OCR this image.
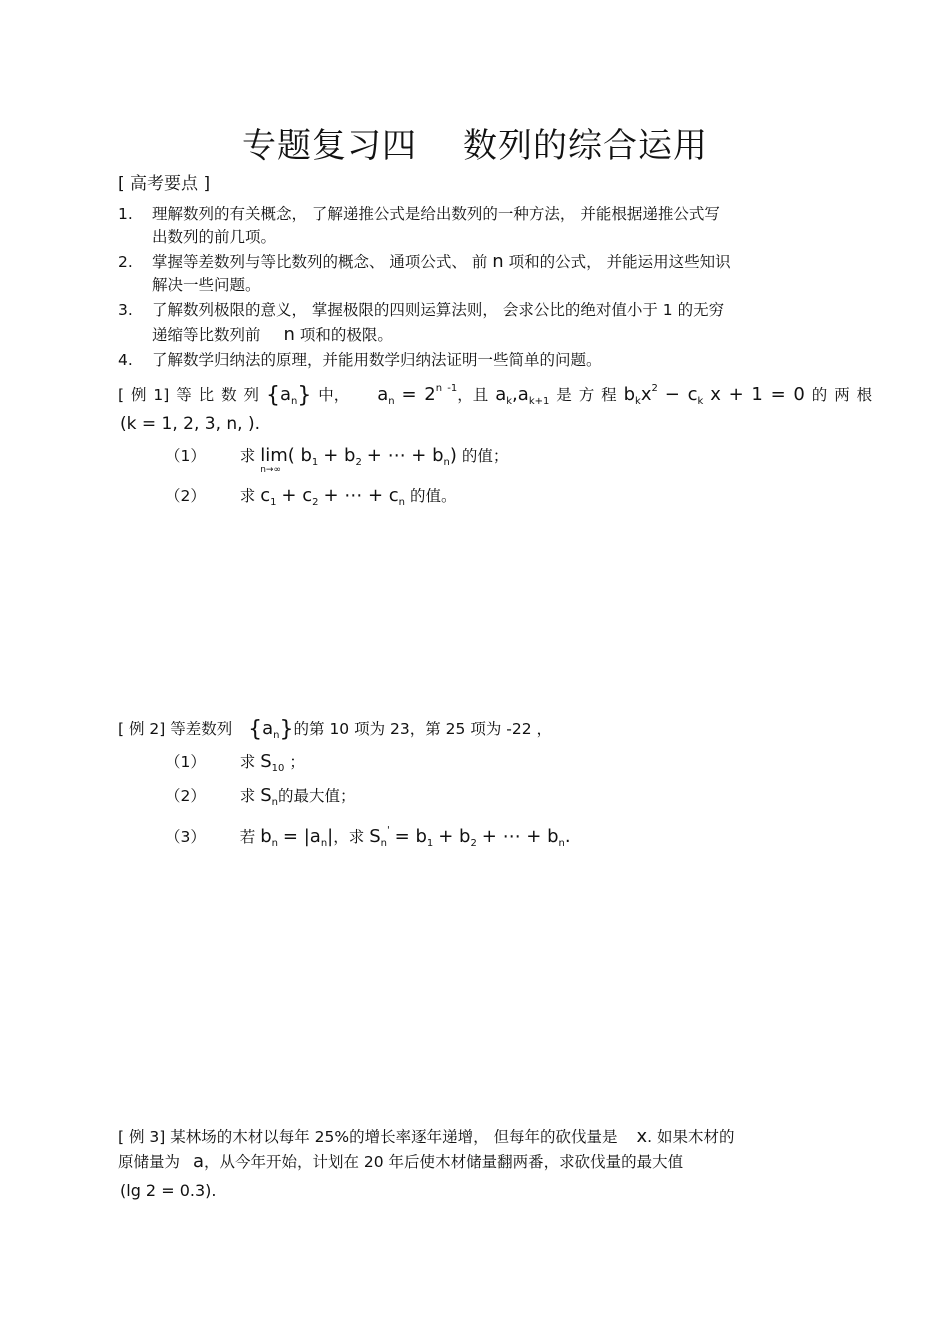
专题复习四 数列的综合运用
[ 高考要点 ]
1. 理解数列的有关概念， 了解递推公式是给出数列的一种方法， 并能根据递推公式写
出数列的前几项。
2. 掌握等差数列与等比数列的概念、 通项公式、 前 n 项和的公式， 并能运用这些知识
解决一些问题。
3. 了解数列极限的意义， 掌握极限的四则运算法则， 会求公比的绝对值小于 1 的无穷
递缩等比数列前 n 项和的极限。
4. 了解数学归纳法的原理，并能用数学归纳法证明一些简单的问题。
[ 例 1] 等 比 数 列 $\{a_n\}$ 中， $a_n = 2^{n -1}$，且 $a_k,a_{k+1}$ 是 方 程 $b_kx^2 - c_k$ x + 1 = 0 的 两 根
(k = 1, 2, 3, n, ).
（1） 求 lim
n→∞
( $b_1 + b_2$ + ⋯ + $b_n$) 的值；
（2） 求 $c_1 + c_2$ + ⋯ + $c_n$ 的值。
[ 例 2] 等差数列 $\{a_n\}$的第 10 项为 23，第 25 项为 -22 ，
（1） 求 $S_{10}$ ；
（2） 求 $S_n$的最大值；
（3） 若 $b_n = |a_n|$，求 $S_n' = b_1 + b_2$ + ⋯ + $b_n$.
[ 例 3] 某林场的木材以每年 25%的增长率逐年递增， 但每年的砍伐量是 x. 如果木材的
原储量为 a，从今年开始，计划在 20 年后使木材储量翻两番，求砍伐量的最大值
(lg 2 = 0.3).
